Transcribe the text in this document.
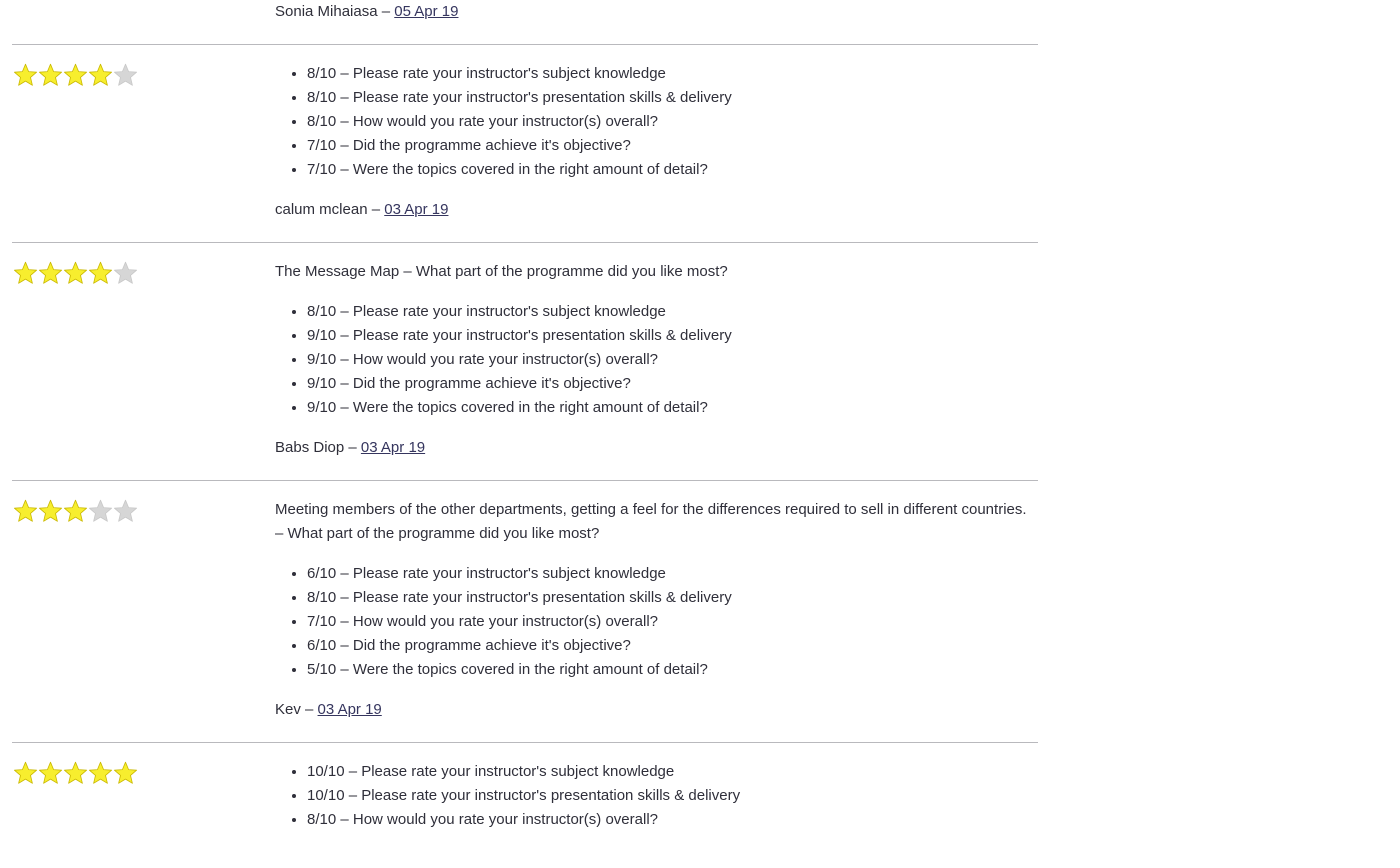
Sonia Mihaiasa – 05 Apr 19

• 8/10 – Please rate your instructor's subject knowledge
• 8/10 – Please rate your instructor's presentation skills & delivery
• 8/10 – How would you rate your instructor(s) overall?
• 7/10 – Did the programme achieve it's objective?
• 7/10 – Were the topics covered in the right amount of detail?

calum mclean – 03 Apr 19

The Message Map – What part of the programme did you like most?

• 8/10 – Please rate your instructor's subject knowledge
• 9/10 – Please rate your instructor's presentation skills & delivery
• 9/10 – How would you rate your instructor(s) overall?
• 9/10 – Did the programme achieve it's objective?
• 9/10 – Were the topics covered in the right amount of detail?

Babs Diop – 03 Apr 19

Meeting members of the other departments, getting a feel for the differences required to sell in different countries. – What part of the programme did you like most?

• 6/10 – Please rate your instructor's subject knowledge
• 8/10 – Please rate your instructor's presentation skills & delivery
• 7/10 – How would you rate your instructor(s) overall?
• 6/10 – Did the programme achieve it's objective?
• 5/10 – Were the topics covered in the right amount of detail?

Kev – 03 Apr 19

• 10/10 – Please rate your instructor's subject knowledge
• 10/10 – Please rate your instructor's presentation skills & delivery
• 8/10 – How would you rate your instructor(s) overall?
